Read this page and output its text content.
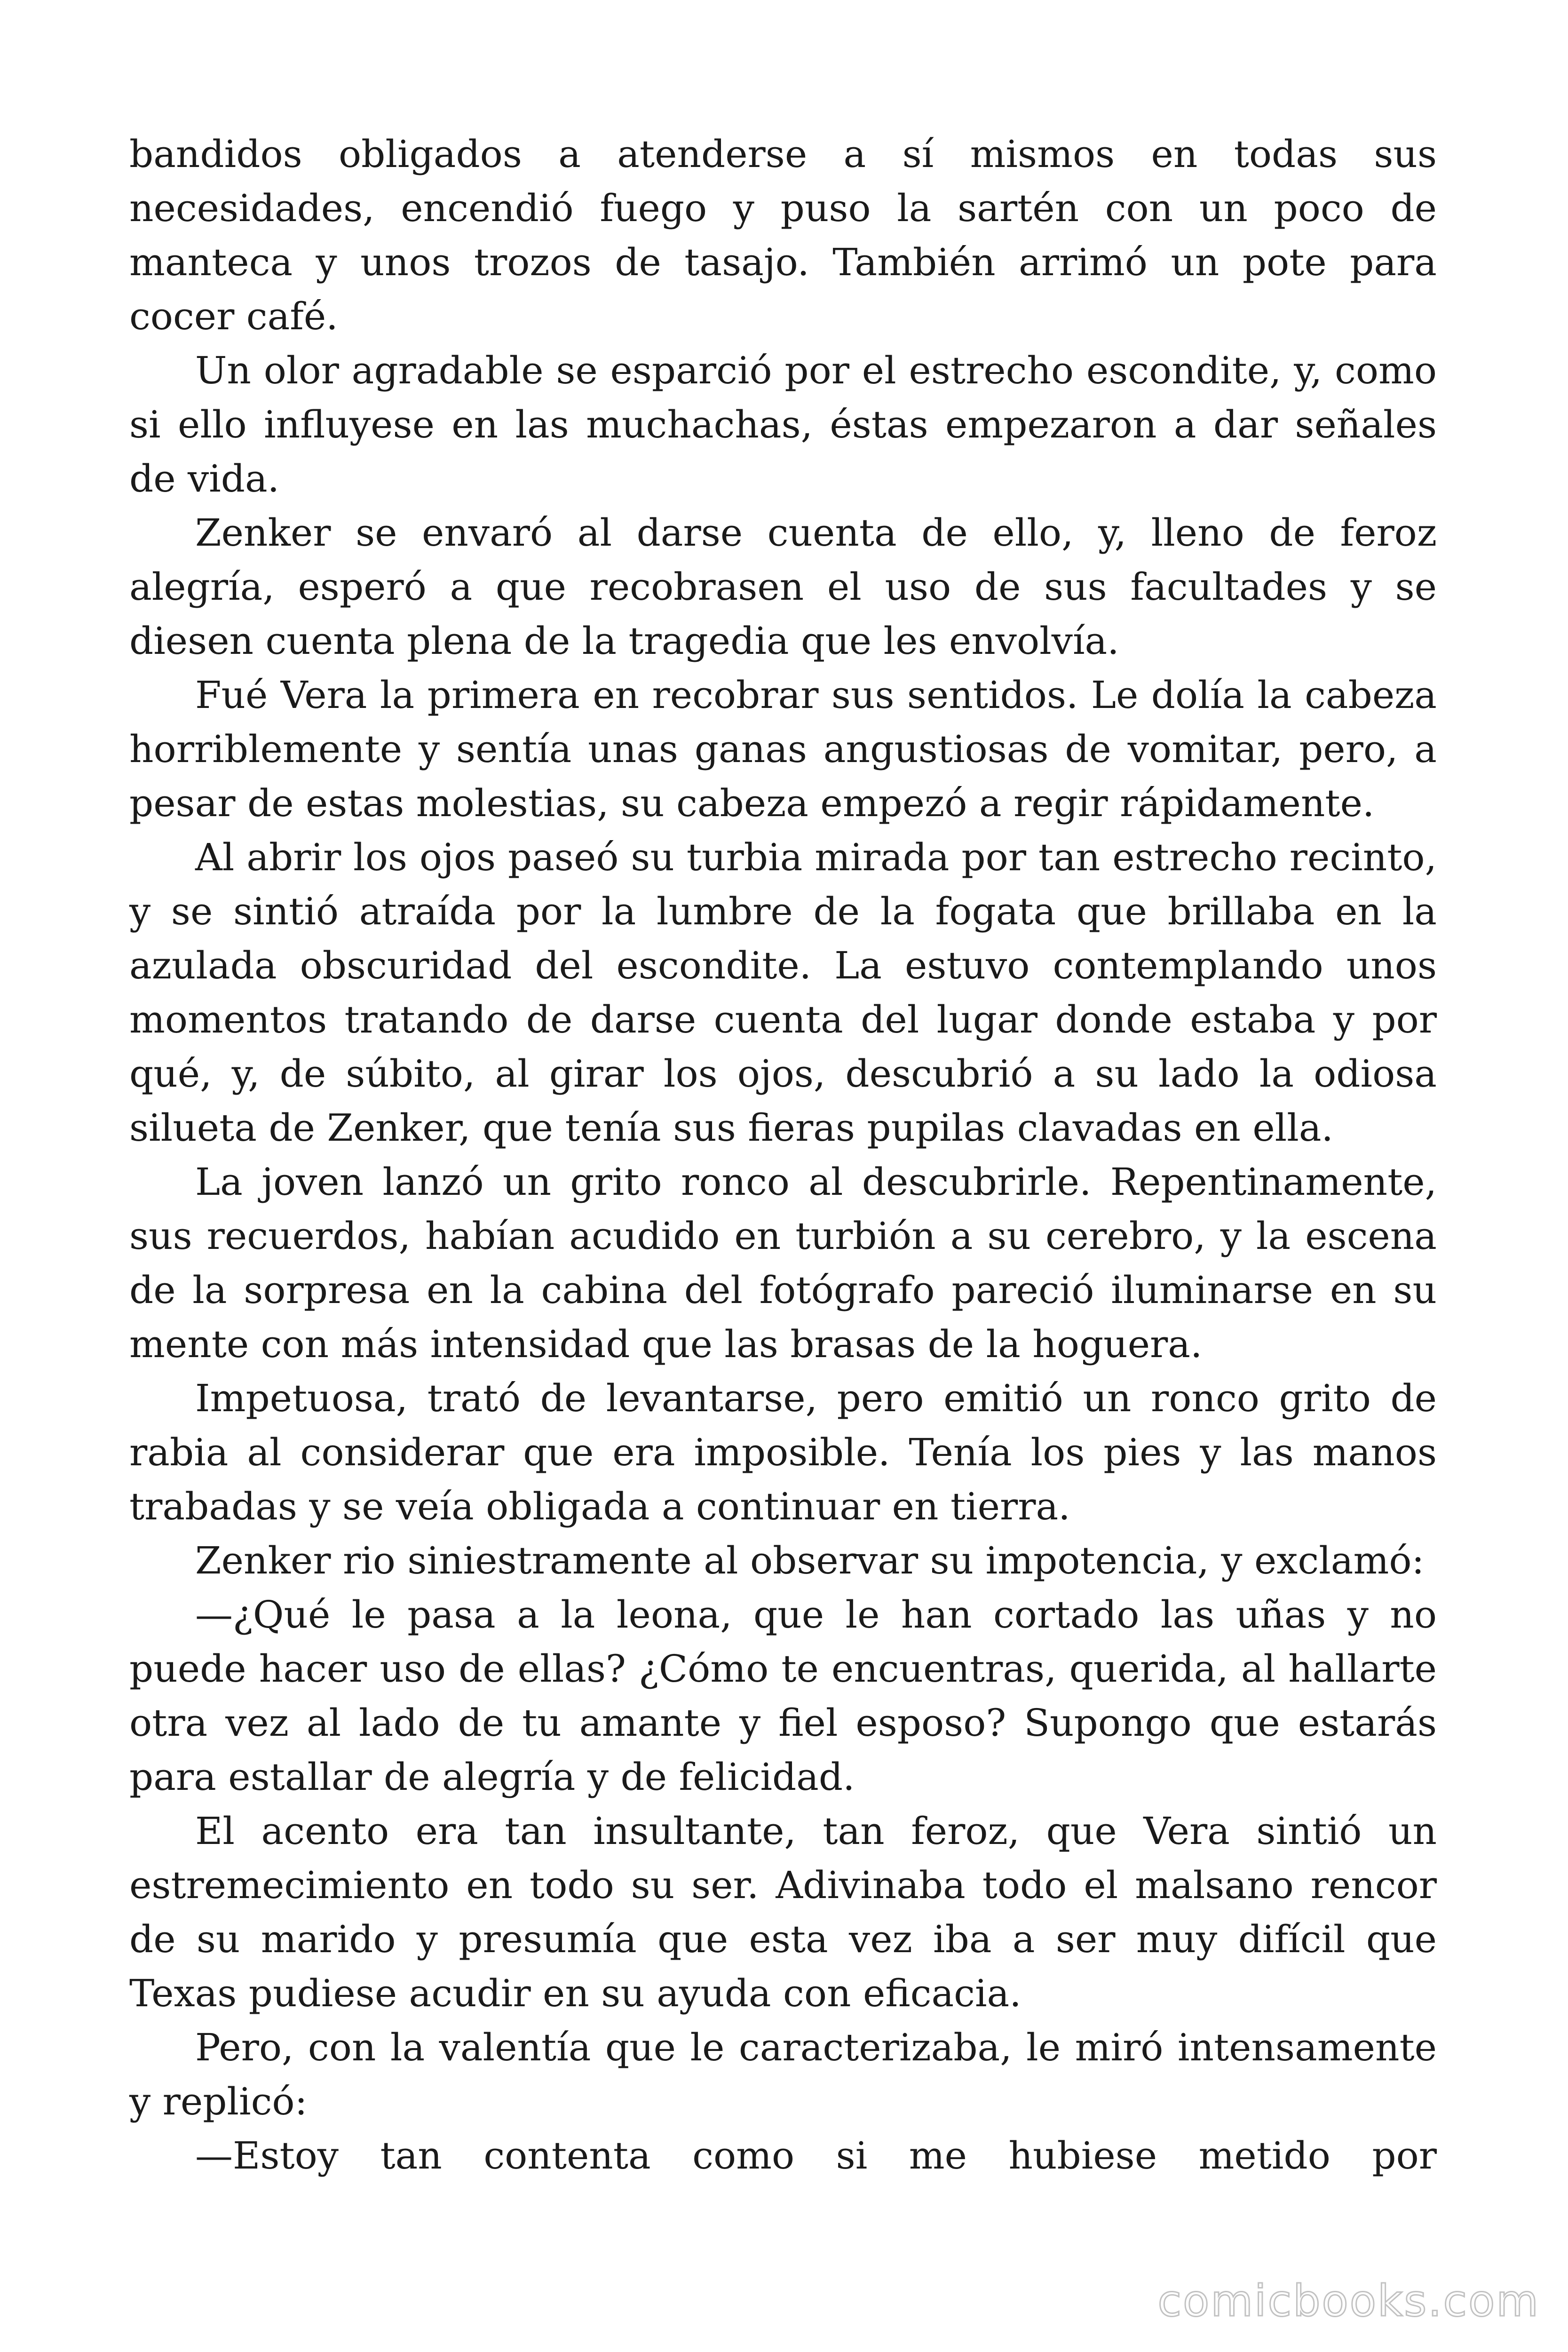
bandidos obligados a atenderse a sí mismos en todas sus necesidades, encendió fuego y puso la sartén con un poco de manteca y unos trozos de tasajo. También arrimó un pote para cocer café.

Un olor agradable se esparció por el estrecho escondite, y, como si ello influyese en las muchachas, éstas empezaron a dar señales de vida.

Zenker se envaró al darse cuenta de ello, y, lleno de feroz alegría, esperó a que recobrasen el uso de sus facultades y se diesen cuenta plena de la tragedia que les envolvía.

Fué Vera la primera en recobrar sus sentidos. Le dolía la cabeza horriblemente y sentía unas ganas angustiosas de vomitar, pero, a pesar de estas molestias, su cabeza empezó a regir rápidamente.

Al abrir los ojos paseó su turbia mirada por tan estrecho recinto, y se sintió atraída por la lumbre de la fogata que brillaba en la azulada obscuridad del escondite. La estuvo contemplando unos momentos tratando de darse cuenta del lugar donde estaba y por qué, y, de súbito, al girar los ojos, descubrió a su lado la odiosa silueta de Zenker, que tenía sus fieras pupilas clavadas en ella.

La joven lanzó un grito ronco al descubrirle. Repentinamente, sus recuerdos, habían acudido en turbión a su cerebro, y la escena de la sorpresa en la cabina del fotógrafo pareció iluminarse en su mente con más intensidad que las brasas de la hoguera.

Impetuosa, trató de levantarse, pero emitió un ronco grito de rabia al considerar que era imposible. Tenía los pies y las manos trabadas y se veía obligada a continuar en tierra.

Zenker rio siniestramente al observar su impotencia, y exclamó:

—¿Qué le pasa a la leona, que le han cortado las uñas y no puede hacer uso de ellas? ¿Cómo te encuentras, querida, al hallarte otra vez al lado de tu amante y fiel esposo? Supongo que estarás para estallar de alegría y de felicidad.

El acento era tan insultante, tan feroz, que Vera sintió un estremecimiento en todo su ser. Adivinaba todo el malsano rencor de su marido y presumía que esta vez iba a ser muy difícil que Texas pudiese acudir en su ayuda con eficacia.

Pero, con la valentía que le caracterizaba, le miró intensamente y replicó:

—Estoy tan contenta como si me hubiese metido por

comicbooks.com
